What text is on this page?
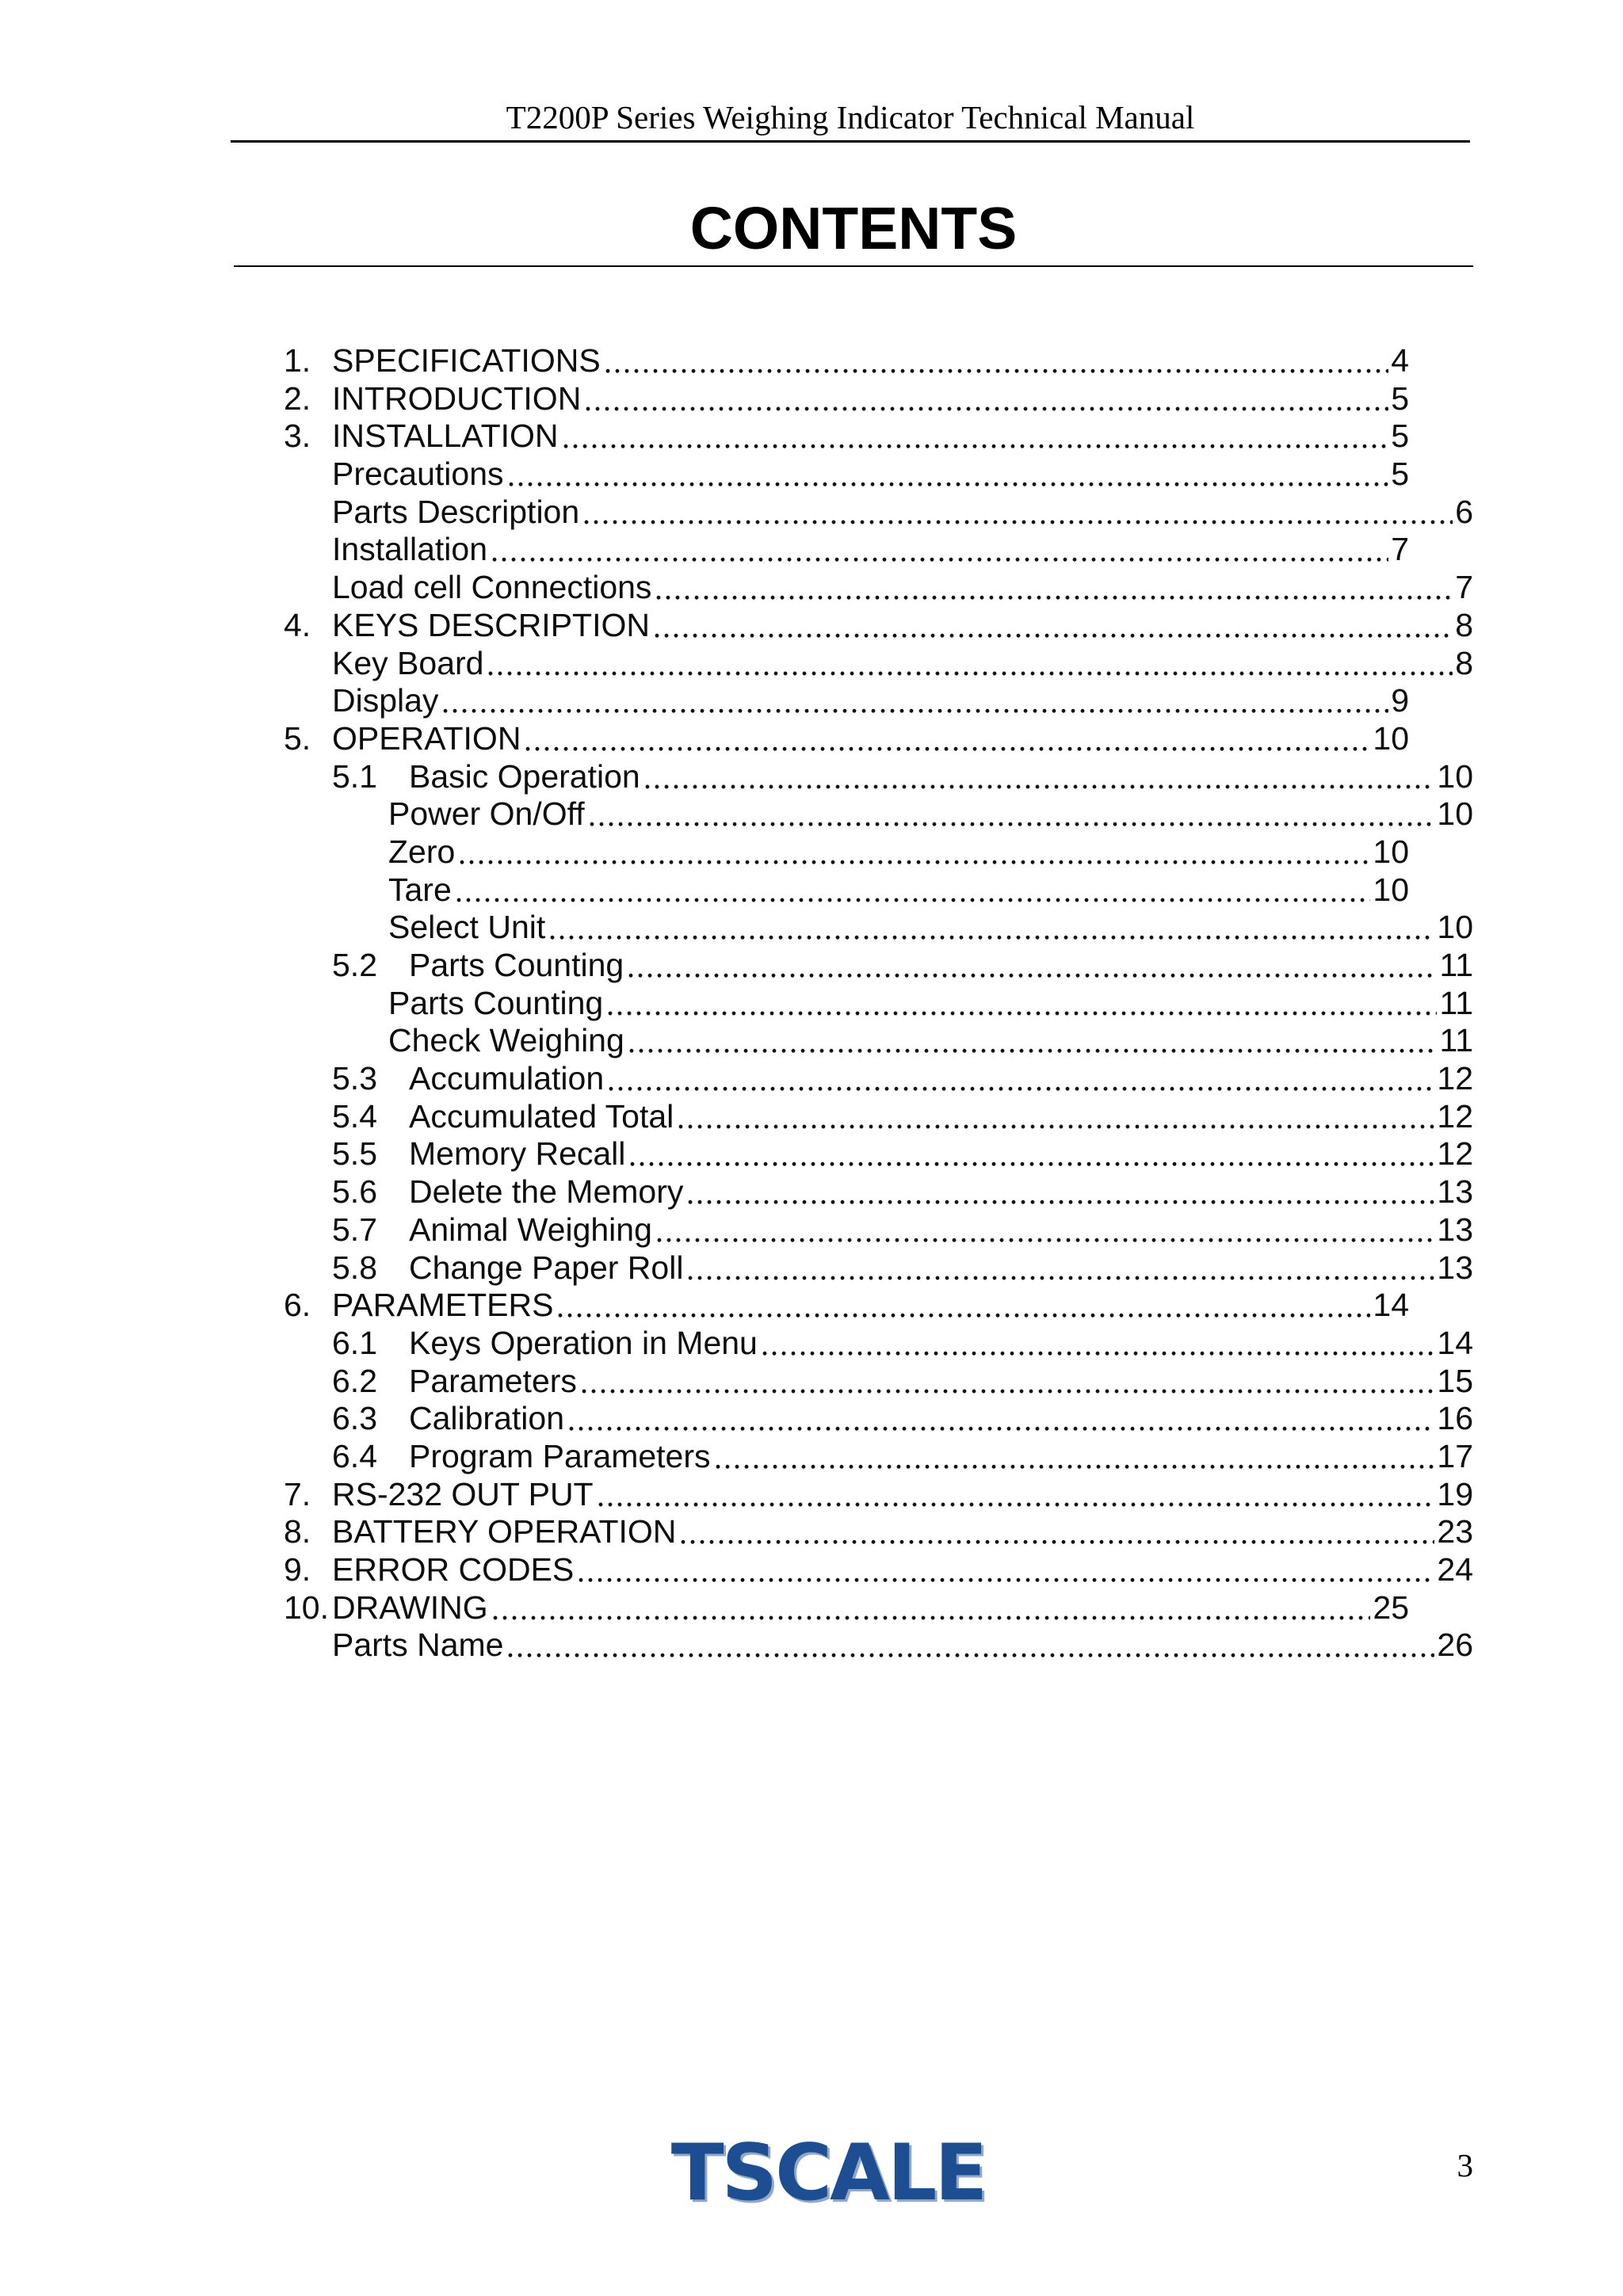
T2200P Series Weighing Indicator Technical Manual
CONTENTS
1. SPECIFICATIONS	4
2. INTRODUCTION	5
3. INSTALLATION	5
Precautions	5
Parts Description	6
Installation	7
Load cell Connections	7
4. KEYS DESCRIPTION	8
Key Board	8
Display	9
5. OPERATION	10
5.1 Basic Operation	10
Power On/Off	10
Zero	10
Tare	10
Select Unit	10
5.2 Parts Counting	11
Parts Counting	11
Check Weighing	11
5.3 Accumulation	12
5.4 Accumulated Total	12
5.5 Memory Recall	12
5.6 Delete the Memory	13
5.7 Animal Weighing	13
5.8 Change Paper Roll	13
6. PARAMETERS	14
6.1 Keys Operation in Menu	14
6.2 Parameters	15
6.3 Calibration	16
6.4 Program Parameters	17
7. RS-232 OUT PUT	19
8. BATTERY OPERATION	23
9. ERROR CODES	24
10. DRAWING	25
Parts Name	26
TSCALE	3
